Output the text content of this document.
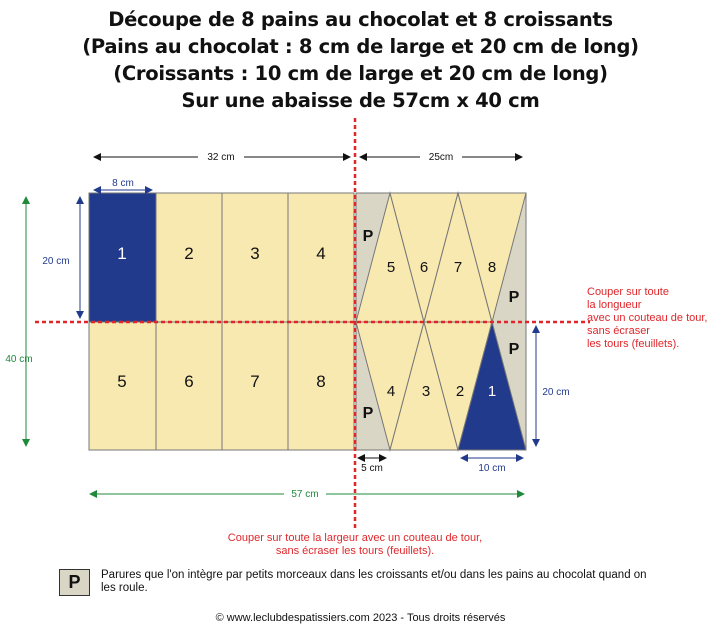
Découpe de 8 pains au chocolat et 8 croissants
(Pains au chocolat : 8 cm de large et 20 cm de long)
(Croissants : 10 cm de large et 20 cm de long)
Sur une abaisse de 57cm x 40 cm
1	2	3	4
5	6	7	8
5 6 7 8
4 3 2 1
P
P
P
P
32 cm	25cm
8 cm
20 cm
40 cm
20 cm
5 cm	10 cm
57 cm
Couper sur toute
la longueur
avec un couteau de tour,
sans écraser
les tours (feuillets).
Couper sur toute la largeur avec un couteau de tour,
sans écraser les tours (feuillets).
P	Parures que l'on intègre par petits morceaux dans les croissants et/ou dans les pains au chocolat quand on les roule.
© www.leclubdespatissiers.com 2023 - Tous droits réservés
